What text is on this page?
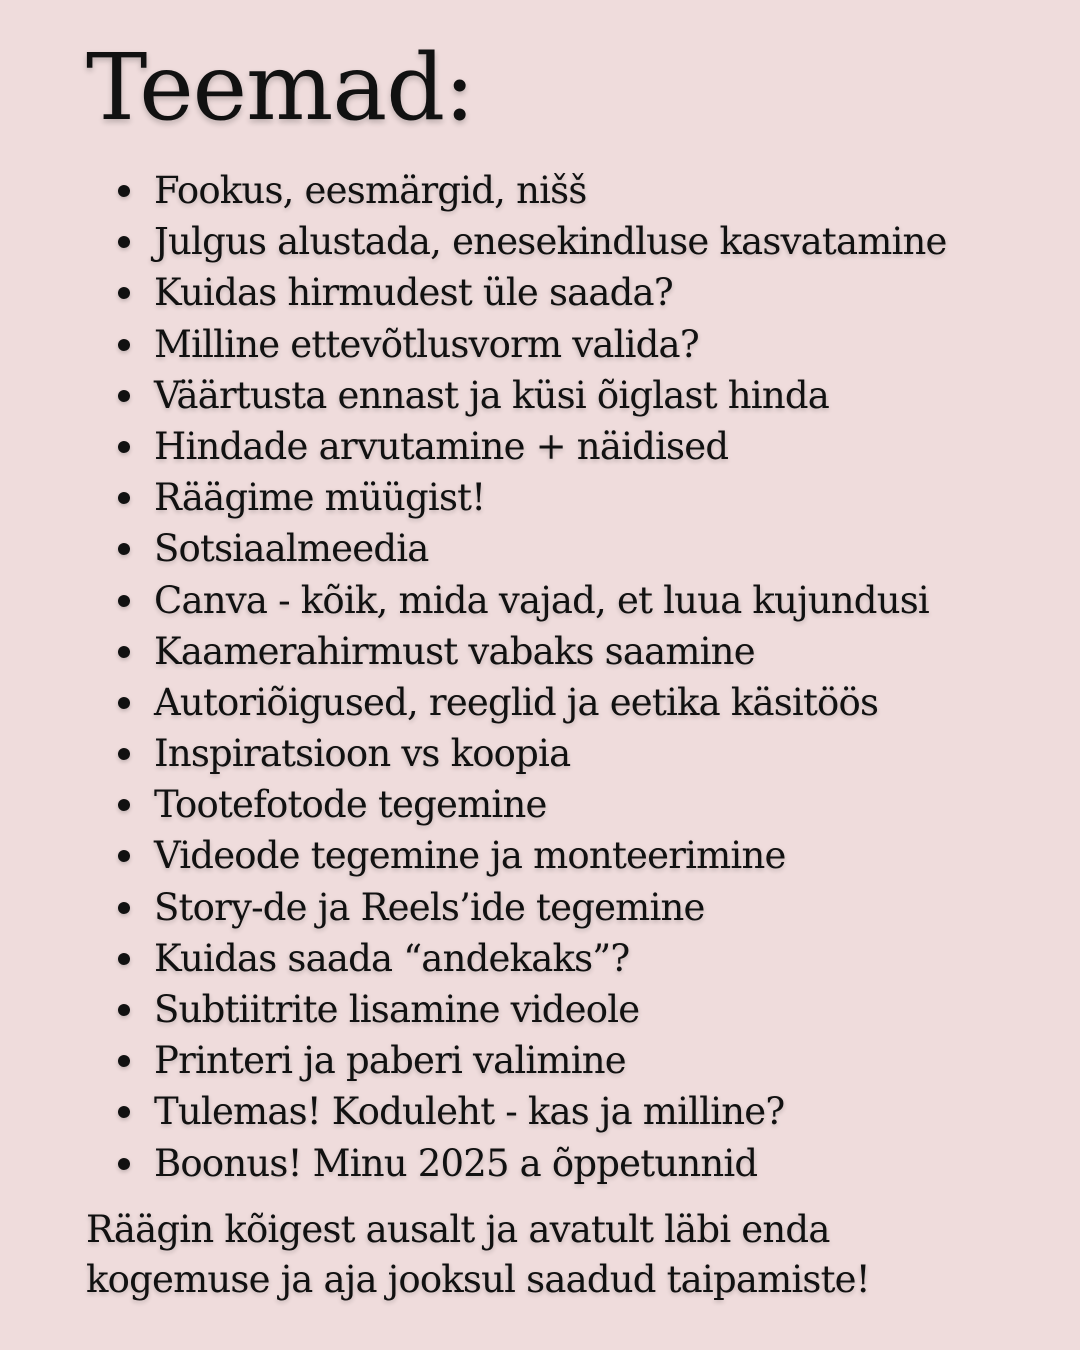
Teemad:
Fookus, eesmärgid, nišš
Julgus alustada, enesekindluse kasvatamine
Kuidas hirmudest üle saada?
Milline ettevõtlusvorm valida?
Väärtusta ennast ja küsi õiglast hinda
Hindade arvutamine + näidised
Räägime müügist!
Sotsiaalmeedia
Canva - kõik, mida vajad, et luua kujundusi
Kaamerahirmust vabaks saamine
Autoriõigused, reeglid ja eetika käsitöös
Inspiratsioon vs koopia
Tootefotode tegemine
Videode tegemine ja monteerimine
Story-de ja Reels’ide tegemine
Kuidas saada “andekaks”?
Subtiitrite lisamine videole
Printeri ja paberi valimine
Tulemas! Koduleht - kas ja milline?
Boonus! Minu 2025 a õppetunnid

Räägin kõigest ausalt ja avatult läbi enda
kogemuse ja aja jooksul saadud taipamiste!
